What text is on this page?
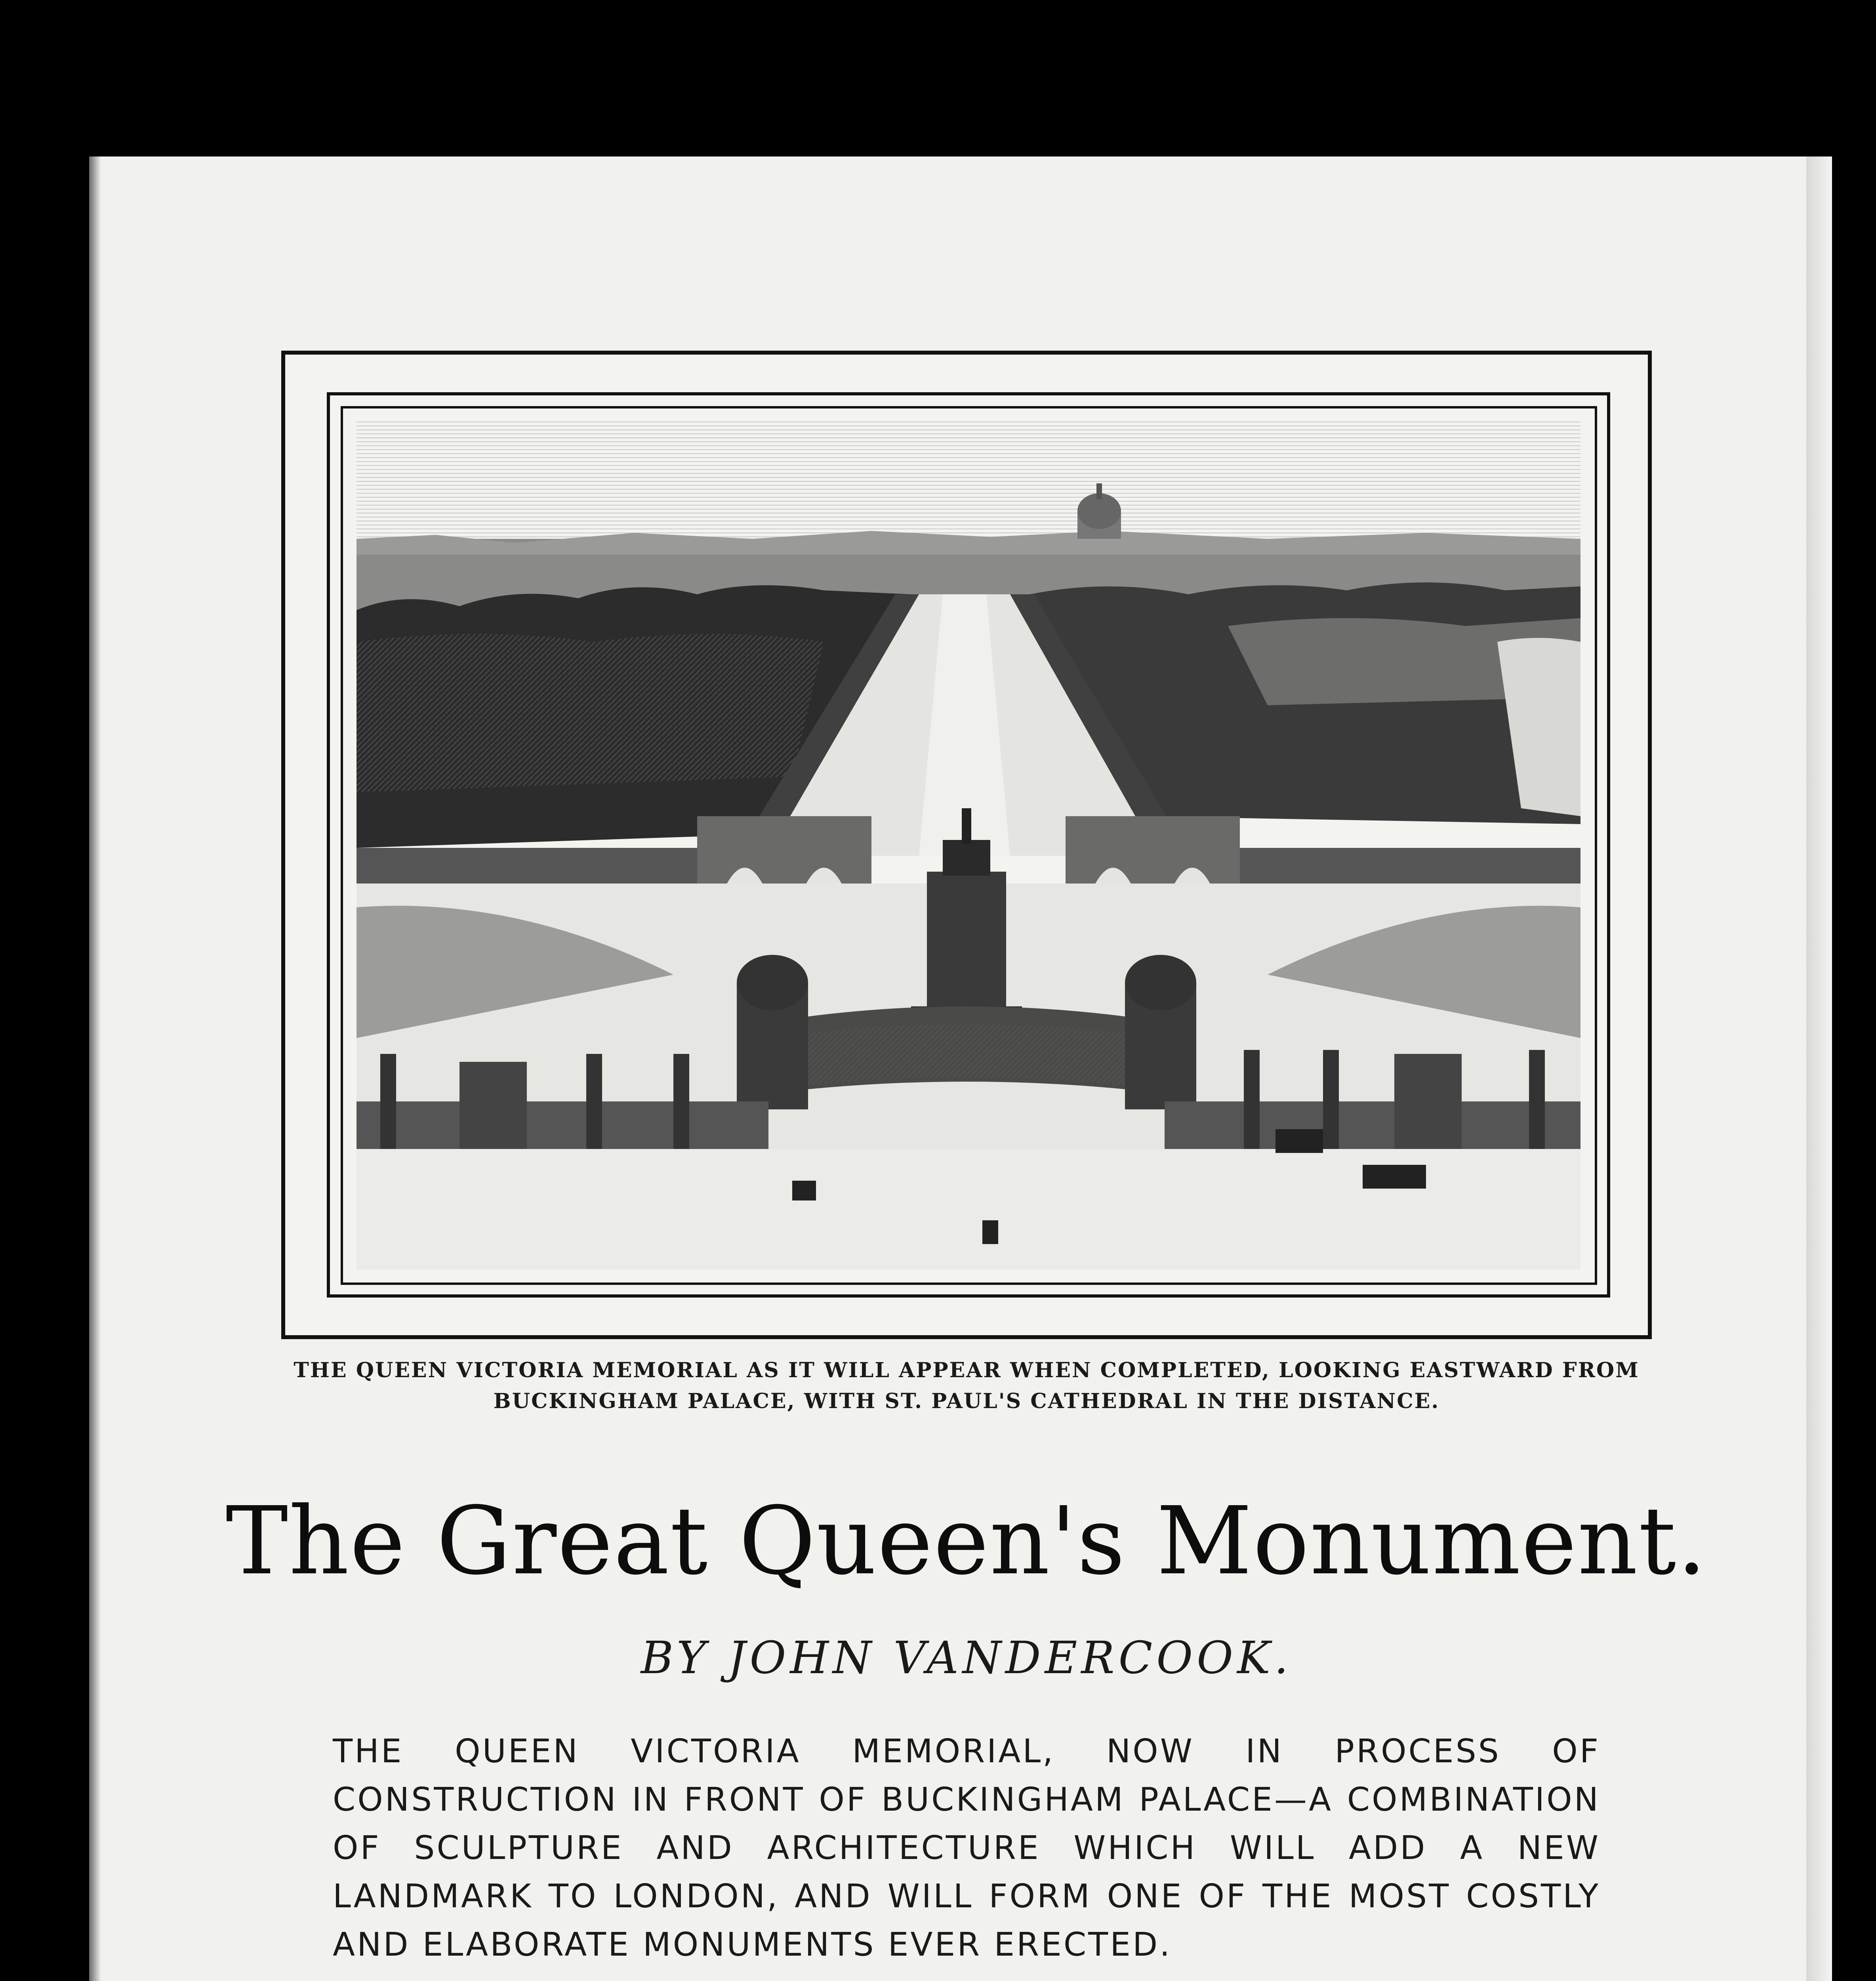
THE QUEEN VICTORIA MEMORIAL AS IT WILL APPEAR WHEN COMPLETED, LOOKING EASTWARD FROM
BUCKINGHAM PALACE, WITH ST. PAUL'S CATHEDRAL IN THE DISTANCE.
The Great Queen's Monument.
BY JOHN VANDERCOOK.
THE QUEEN VICTORIA MEMORIAL, NOW IN PROCESS OF CONSTRUCTION IN FRONT OF BUCKINGHAM PALACE—A COMBINATION OF SCULPTURE AND ARCHITECTURE WHICH WILL ADD A NEW LANDMARK TO LONDON, AND WILL FORM ONE OF THE MOST COSTLY AND ELABORATE MONUMENTS EVER ERECTED.
